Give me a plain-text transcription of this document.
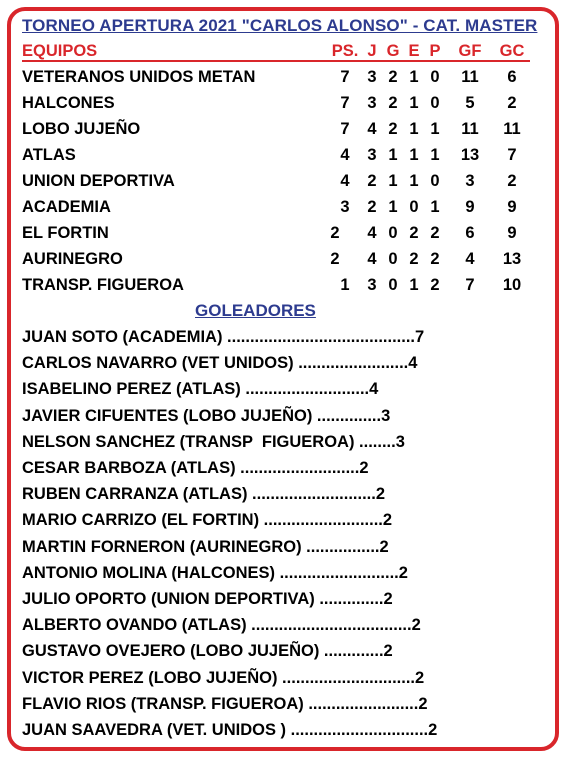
TORNEO APERTURA 2021 "CARLOS ALONSO" - CAT. MASTER
EQUIPOS	PS. J G E P	GF	GC
VETERANOS UNIDOS METAN	7	3 2 1 0	11	6
HALCONES	7	3 2 1 0	5	2
LOBO JUJEÑO	7	4 2 1 1	11	11
ATLAS	4	3 1 1 1	13	7
UNION DEPORTIVA	4	2 1 1 0	3	2
ACADEMIA	3	2 1 0 1	9	9
EL FORTIN	2	4 0 2 2	6	9
AURINEGRO	2	4 0 2 2	4	13
TRANSP. FIGUEROA	1	3 0 1 2	7	10
GOLEADORES
JUAN SOTO (ACADEMIA) .........................................7
CARLOS NAVARRO (VET UNIDOS) ........................4
ISABELINO PEREZ (ATLAS) ...........................4
JAVIER CIFUENTES (LOBO JUJEÑO) ..............3
NELSON SANCHEZ (TRANSP  FIGUEROA) ........3
CESAR BARBOZA (ATLAS) ..........................2
RUBEN CARRANZA (ATLAS) ...........................2
MARIO CARRIZO (EL FORTIN) ..........................2
MARTIN FORNERON (AURINEGRO) ................2
ANTONIO MOLINA (HALCONES) ..........................2
JULIO OPORTO (UNION DEPORTIVA) ..............2
ALBERTO OVANDO (ATLAS) ...................................2
GUSTAVO OVEJERO (LOBO JUJEÑO) .............2
VICTOR PEREZ (LOBO JUJEÑO) .............................2
FLAVIO RIOS (TRANSP. FIGUEROA) ........................2
JUAN SAAVEDRA (VET. UNIDOS ) ..............................2
